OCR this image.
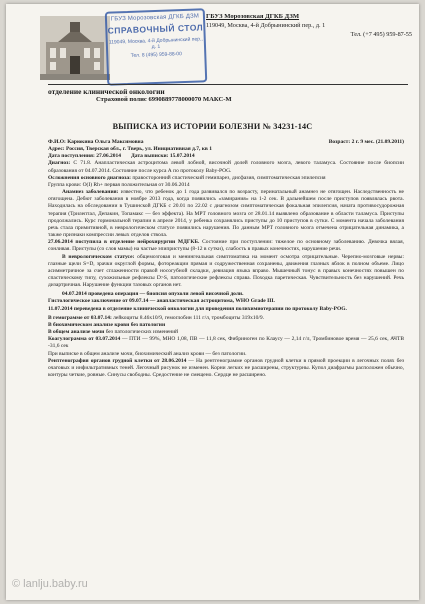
ГБУЗ Морозовская ДГКБ ДЗМ
СПРАВОЧНЫЙ СТОЛ
119049, Москва, 4-й Добрынинский пер., д. 1
Тел. 8 (495) 959-88-00
ГБУЗ Морозовская ДГКБ ДЗМ
119049, Москва, 4-й Добрынинский пер., д. 1
Тел. (+7 495) 959-87-55
отделение клинической онкологии
Страховой полис 6990889778000070 МАКС-М
ВЫПИСКА ИЗ ИСТОРИИ БОЛЕЗНИ № 34231-14С
Ф.И.О: Карюкина Ольга Максимовна	Возраст: 2 г. 9 мес. (21.09.2011)

Адрес: Россия, Тверская обл., г. Тверь, ул. Инициативная д.7, кв 1

Дата поступления: 27.06.2014 Дата выписки: 15.07.2014

Диагноз: С 71.8. Анапластическая астроцитома левой лобной, височной долей головного мозга, левого таламуса. Состояние после биопсии образования от 04.07.2014. Состояние после курса А по протоколу Baby-POG.

Осложнения основного диагноза: правосторонний спастический гемипарез, дисфазия, симптоматическая эпилепсия

Группа крови: O(I) Rh+ первая положительная от 30.06.2014

Анамнез заболевания: известно, что ребенок до 1 года развивался по возрасту, перинатальный анамнез не отягощен. Наследственность не отягощена. Дебют заболевания в ноябре 2013 года, когда появились «замирания» на 1-2 сек. В дальнейшем после приступов появлялась рвота. Находилась на обследовании в Тушинской ДГКБ с 20.01 по 22.02 с диагнозом симптоматическая фокальная эпилепсия, начата противосудорожная терапия (Трилептал, Депакин, Топамакс — без эффекта). На МРТ головного мозга от 28.01.14 выявлено образование в области таламуса. Приступы продолжались. Курс гормональной терапии в апреле 2014, у ребенка сохранялись приступы до 10 приступов в сутки. С момента начала заболевания речь стала примитивной, в неврологическом статусе появились нарушения. По данным МРТ головного мозга отмечена отрицательная динамика, а также признаки компрессии левых отделов ствола.

27.06.2014 поступила в отделение нейрохирургии МДГКБ. Состояние при поступлении: тяжелое по основному заболеванию. Девочка вялая, сонливая. Приступы (со слов мамы) на частые эпиприступы (8-12 в сутки), слабость в правых конечностях, нарушение речи.

В неврологическом статусе: общемозговая и менингеальная симптоматика на момент осмотра отрицательные. Черепно-мозговые нервы: глазные щели S=D, зрачки округлой формы, фотореакции прямая и содружественная сохранены, движения глазных яблок в полном объеме. Лицо асимметричное за счет сглаженности правой носогубной складки, девиация языка вправо. Мышечный тонус в правых конечностях повышен по спастическому типу, сухожильные рефлексы D>S, патологические рефлексы справа. Походка паретическая. Чувствительность без нарушений. Речь дизартричная. Нарушение функции тазовых органов нет.

04.07.2014 проведена операция — биопсия опухоли левой височной доли.

Гистологическое заключение от 09.07.14 — анапластическая астроцитома, WHO Grade III.

11.07.2014 переведена в отделение клинической онкологии для проведения полихимиотерапии по протоколу Baby-POG.

В гемограмме от 03.07.14: лейкоциты 8.46x10/9, гемоглобин 111 г/л, тромбоциты 319x10/9.

В биохимическом анализе крови без патологии

В общем анализе мочи без патологических изменений

Коагулограмма от 03.07.2014 — ПТИ — 99%, МНО 1,08, ПВ — 11,8 сек, Фибриноген по Клаусу — 2,14 г/л, Тромбиновое время — 25,6 сек, АЧТВ -31,6 сек

При выписке в общем анализе мочи, биохимический анализ крови — без патологии.

Рентгенография органов грудной клетки от 28.06.2014 — На рентгенограмме органов грудной клетки в прямой проекции в легочных полях без очаговых и инфильтративных теней. Легочный рисунок не изменен. Корни легких не расширены, структурны. Купол диафрагмы расположен обычно, контуры четкие, ровные. Синусы свободны. Средостение не смещено. Сердце не расширено.

© lanlju.baby.ru
